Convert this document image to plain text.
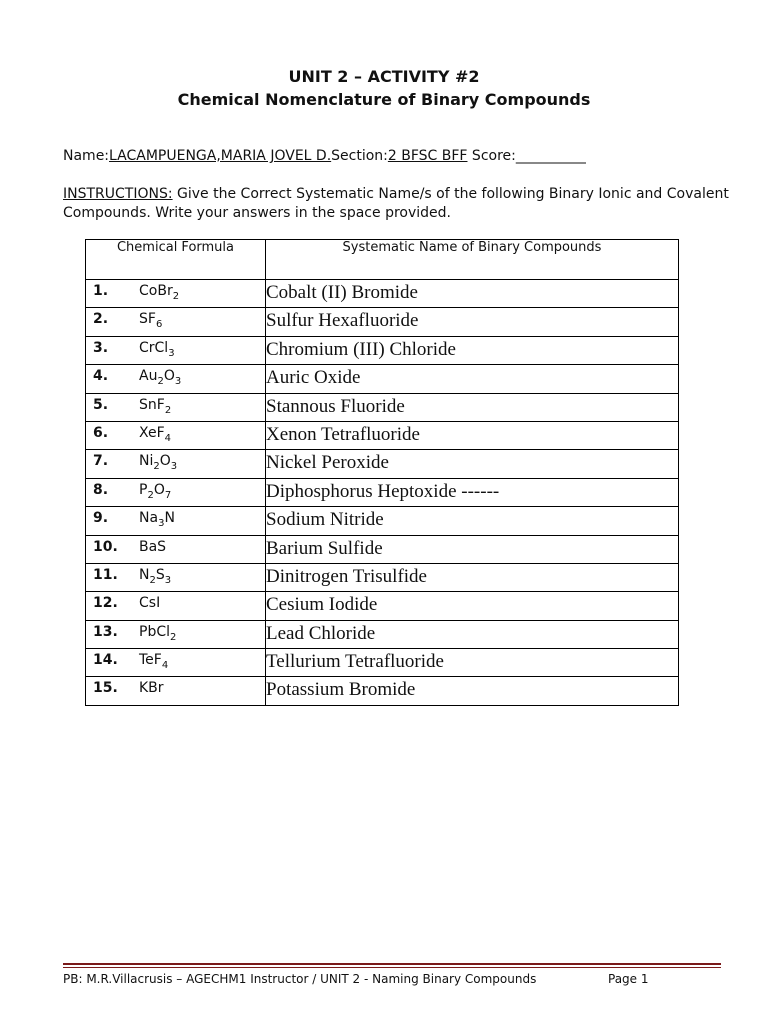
UNIT 2 – ACTIVITY #2
Chemical Nomenclature of Binary Compounds
Name:LACAMPUENGA,MARIA JOVEL D.Section:2 BFSC BFF Score:__________
INSTRUCTIONS: Give the Correct Systematic Name/s of the following Binary Ionic and Covalent Compounds. Write your answers in the space provided.
Chemical Formula	Systematic Name of Binary Compounds
1. CoBr$_2$	Cobalt (II) Bromide
2. $SF_6$	Sulfur Hexafluoride
3. CrCl$_3$	Chromium (III) Chloride
4. $Au_2O_3$	Auric Oxide
5. SnF$_2$	Stannous Fluoride
6. XeF$_4$	Xenon Tetrafluoride
7. $Ni_2O_3$	Nickel Peroxide
8. $P_2O_7$	Diphosphorus Heptoxide ------
9. $Na_3N$	Sodium Nitride
10. BaS	Barium Sulfide
11. $N_2S_3$	Dinitrogen Trisulfide
12. CsI	Cesium Iodide
13. PbCl$_2$	Lead Chloride
14. TeF$_4$	Tellurium Tetrafluoride
15. KBr	Potassium Bromide
PB: M.R.Villacrusis – AGECHM1 Instructor / UNIT 2 - Naming Binary Compounds	Page 1
